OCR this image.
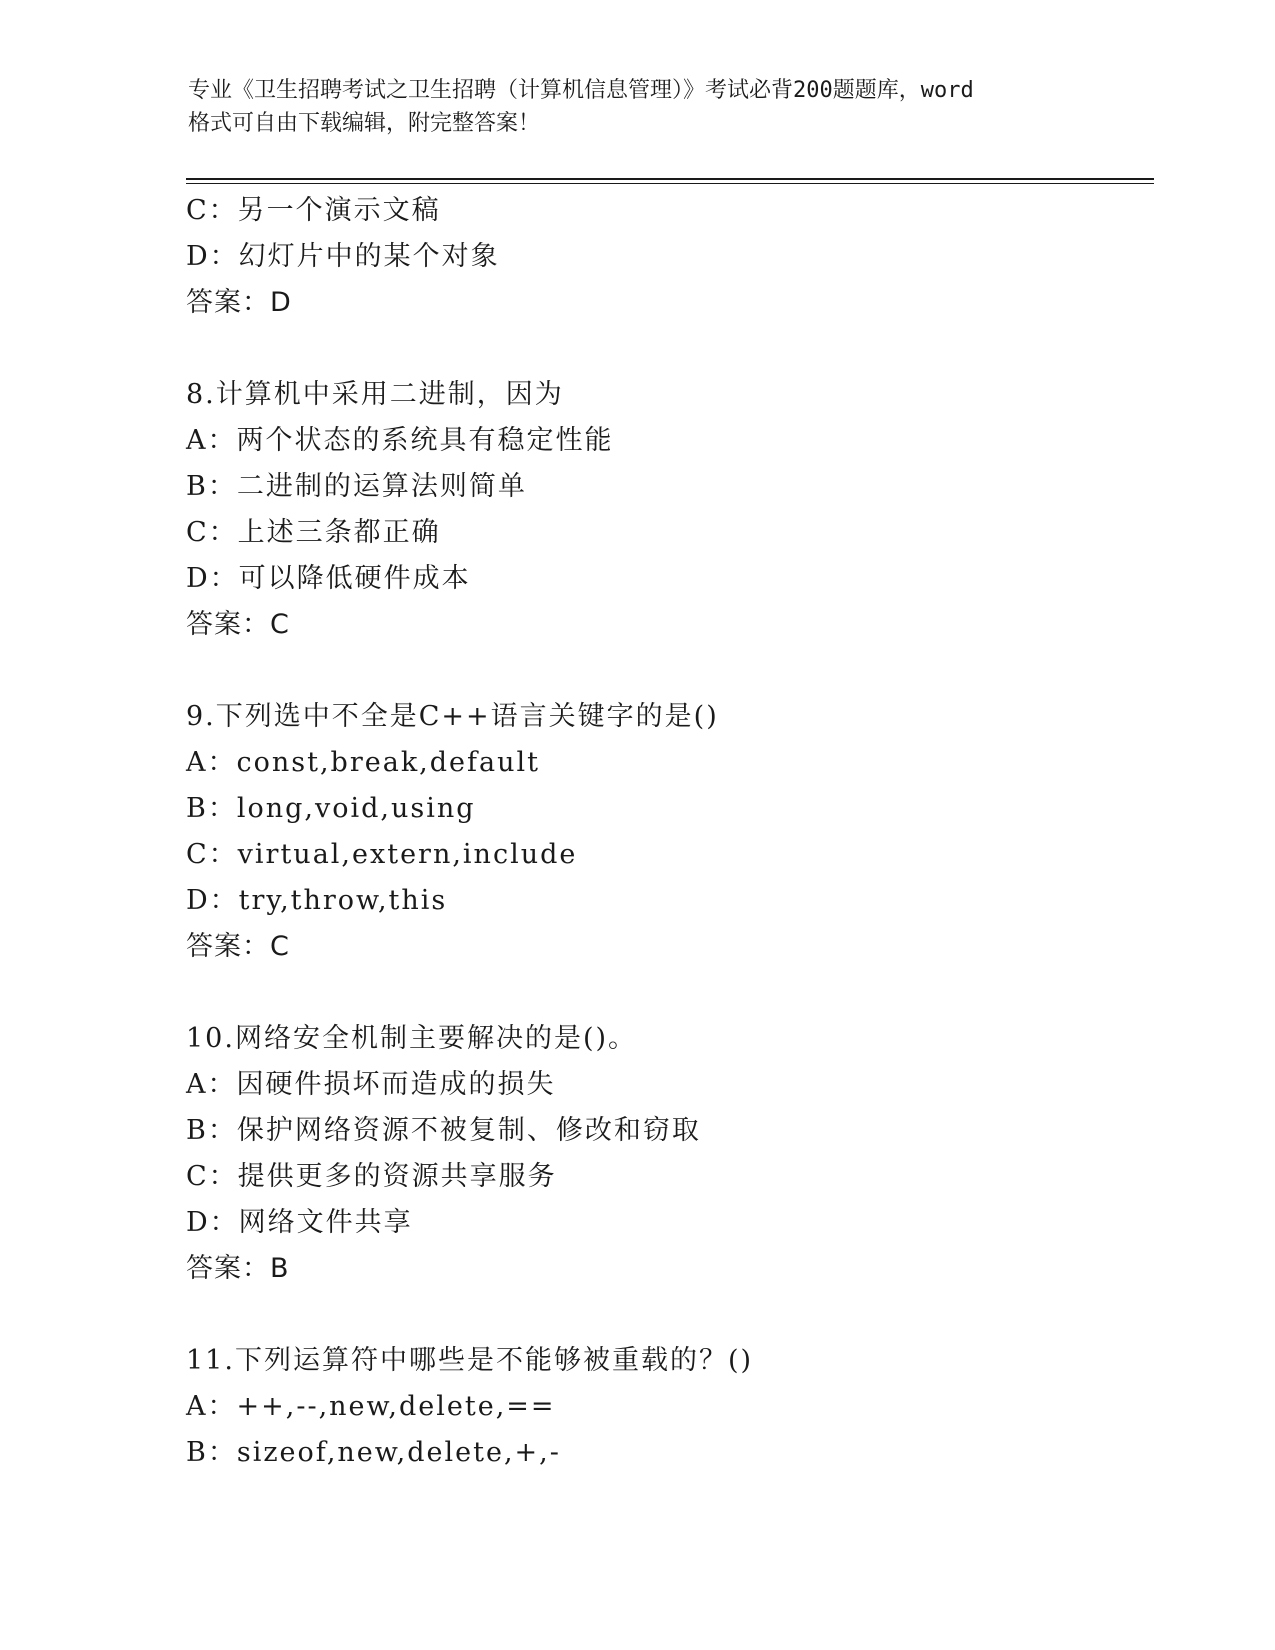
专业《卫生招聘考试之卫生招聘（计算机信息管理）》考试必背200题题库，word
格式可自由下载编辑，附完整答案！
C：另一个演示文稿
D：幻灯片中的某个对象
答案：D
8.计算机中采用二进制，因为
A：两个状态的系统具有稳定性能
B：二进制的运算法则简单
C：上述三条都正确
D：可以降低硬件成本
答案：C
9.下列选中不全是C++语言关键字的是()
A：const,break,default
B：long,void,using
C：virtual,extern,include
D：try,throw,this
答案：C
10.网络安全机制主要解决的是()。
A：因硬件损坏而造成的损失
B：保护网络资源不被复制、修改和窃取
C：提供更多的资源共享服务
D：网络文件共享
答案：B
11.下列运算符中哪些是不能够被重载的？()
A：++,--,new,delete,==
B：sizeof,new,delete,+,-
